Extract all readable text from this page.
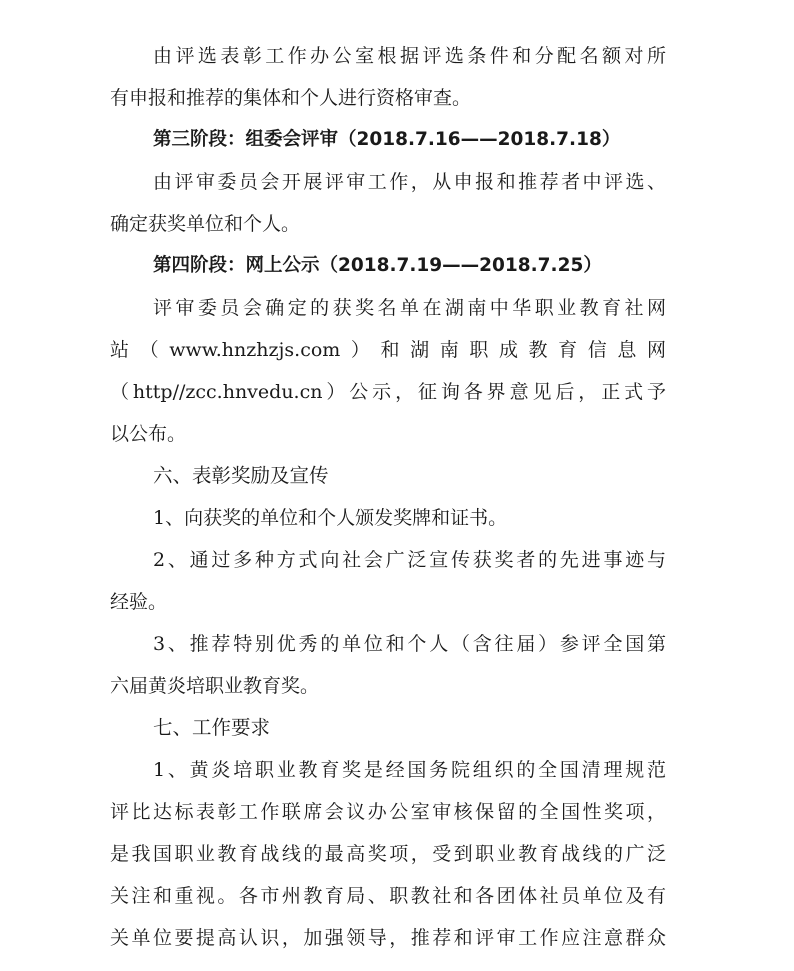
由评选表彰工作办公室根据评选条件和分配名额对所
有申报和推荐的集体和个人进行资格审查。
第三阶段：组委会评审（2018.7.16——2018.7.18）
由评审委员会开展评审工作，从申报和推荐者中评选、
确定获奖单位和个人。
第四阶段：网上公示（2018.7.19——2018.7.25）
评审委员会确定的获奖名单在湖南中华职业教育社网
站（www.hnzhzjs.com）和湖南职成教育信息网
（http//zcc.hnvedu.cn）公示，征询各界意见后，正式予
以公布。
六、表彰奖励及宣传
1、向获奖的单位和个人颁发奖牌和证书。
2、通过多种方式向社会广泛宣传获奖者的先进事迹与
经验。
3、推荐特别优秀的单位和个人（含往届）参评全国第
六届黄炎培职业教育奖。
七、工作要求
1、黄炎培职业教育奖是经国务院组织的全国清理规范
评比达标表彰工作联席会议办公室审核保留的全国性奖项，
是我国职业教育战线的最高奖项，受到职业教育战线的广泛
关注和重视。各市州教育局、职教社和各团体社员单位及有
关单位要提高认识，加强领导，推荐和评审工作应注意群众
